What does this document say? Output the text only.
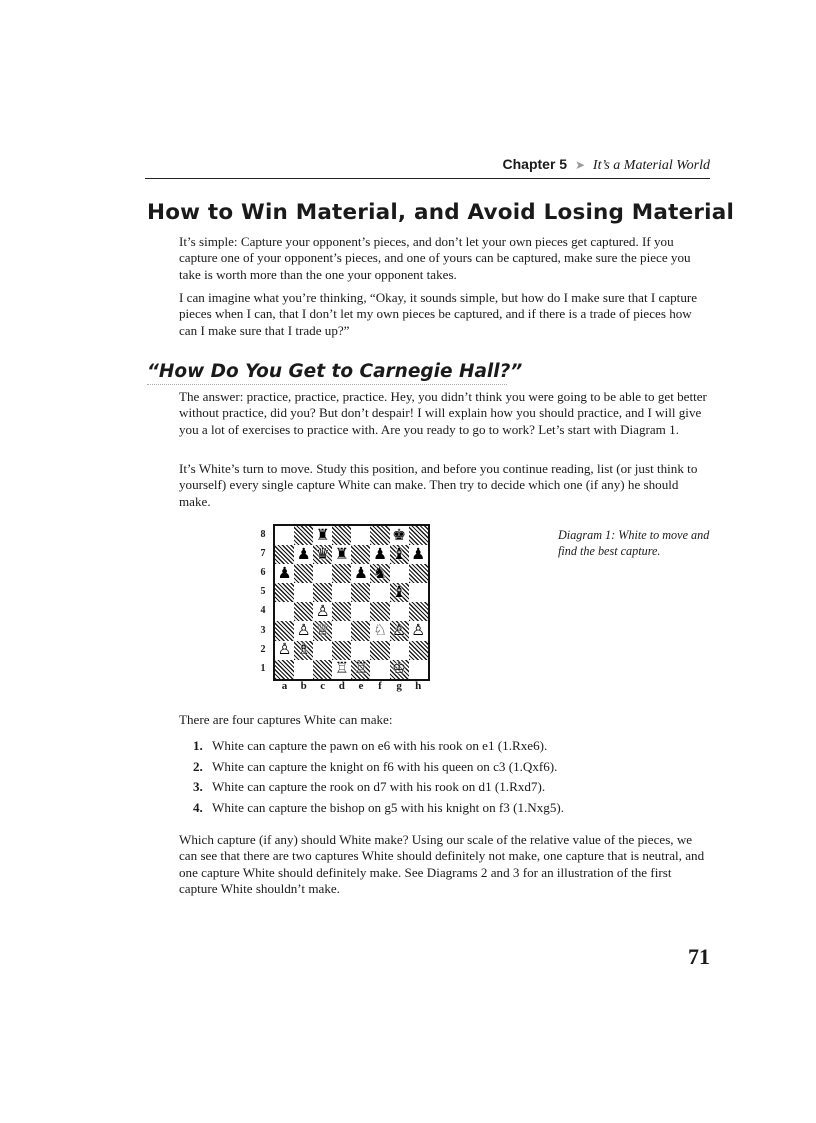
Chapter 5 ➤ It’s a Material World
How to Win Material, and Avoid Losing Material

It’s simple: Capture your opponent’s pieces, and don’t let your own pieces get captured. If you capture one of your opponent’s pieces, and one of yours can be captured, make sure the piece you take is worth more than the one your opponent takes.

I can imagine what you’re thinking, “Okay, it sounds simple, but how do I make sure that I capture pieces when I can, that I don’t let my own pieces be captured, and if there is a trade of pieces how can I make sure that I trade up?”

“How Do You Get to Carnegie Hall?”

The answer: practice, practice, practice. Hey, you didn’t think you were going to be able to get better without practice, did you? But don’t despair! I will explain how you should practice, and I will give you a lot of exercises to practice with. Are you ready to go to work? Let’s start with Diagram 1.

It’s White’s turn to move. Study this position, and before you continue reading, list (or just think to yourself) every single capture White can make. Then try to decide which one (if any) he should make.

8
7
6
5
4
3
2
1
♜	♚
♟ ♛ ♜ ♟ ♝ ♟
♟	♟ ♞
♝
♙
♙ ♕	♘ ♙ ♙
♙ ♗
♖ ♖ ♔
a	b	c	d	e	f	g	h
Diagram 1: White to move and find the best capture.

There are four captures White can make:

1. White can capture the pawn on e6 with his rook on e1 (1.Rxe6).
2. White can capture the knight on f6 with his queen on c3 (1.Qxf6).
3. White can capture the rook on d7 with his rook on d1 (1.Rxd7).
4. White can capture the bishop on g5 with his knight on f3 (1.Nxg5).

Which capture (if any) should White make? Using our scale of the relative value of the pieces, we can see that there are two captures White should definitely not make, one capture that is neutral, and one capture White should definitely make. See Diagrams 2 and 3 for an illustration of the first capture White shouldn’t make.

71
